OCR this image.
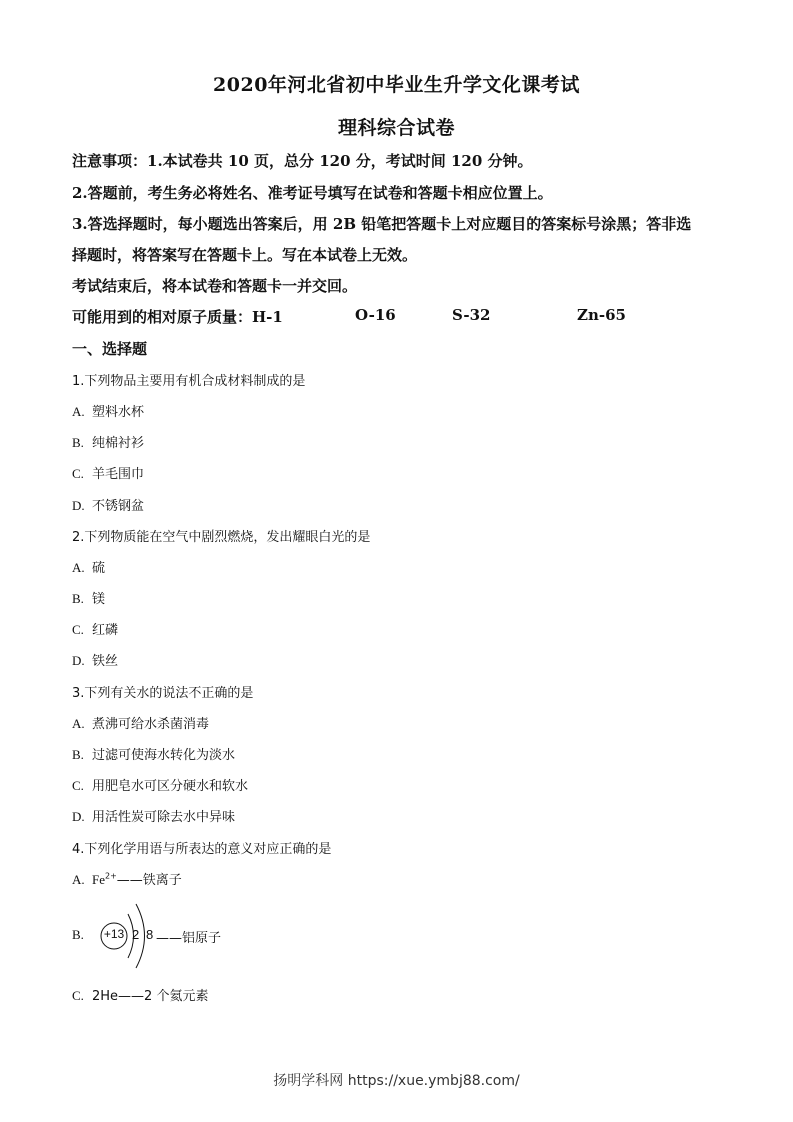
2020年河北省初中毕业生升学文化课考试
理科综合试卷
注意事项：1.本试卷共 10 页，总分 120 分，考试时间 120 分钟。
2.答题前，考生务必将姓名、准考证号填写在试卷和答题卡相应位置上。
3.答选择题时，每小题选出答案后，用 2B 铅笔把答题卡上对应题目的答案标号涂黑；答非选
择题时，将答案写在答题卡上。写在本试卷上无效。
考试结束后，将本试卷和答题卡一并交回。
可能用到的相对原子质量：H-1	O-16	S-32	Zn-65
一、选择题
1.下列物品主要用有机合成材料制成的是
A. 塑料水杯
B. 纯棉衬衫
C. 羊毛围巾
D. 不锈钢盆
2.下列物质能在空气中剧烈燃烧，发出耀眼白光的是
A. 硫
B. 镁
C. 红磷
D. 铁丝
3.下列有关水的说法不正确的是
A. 煮沸可给水杀菌消毒
B. 过滤可使海水转化为淡水
C. 用肥皂水可区分硬水和软水
D. 用活性炭可除去水中异味
4.下列化学用语与所表达的意义对应正确的是
A. $Fe^{2+}——$铁离子
B.	+13 2 8 ——铝原子
C. 2He——2 个氦元素
扬明学科网 https://xue.ymbj88.com/
